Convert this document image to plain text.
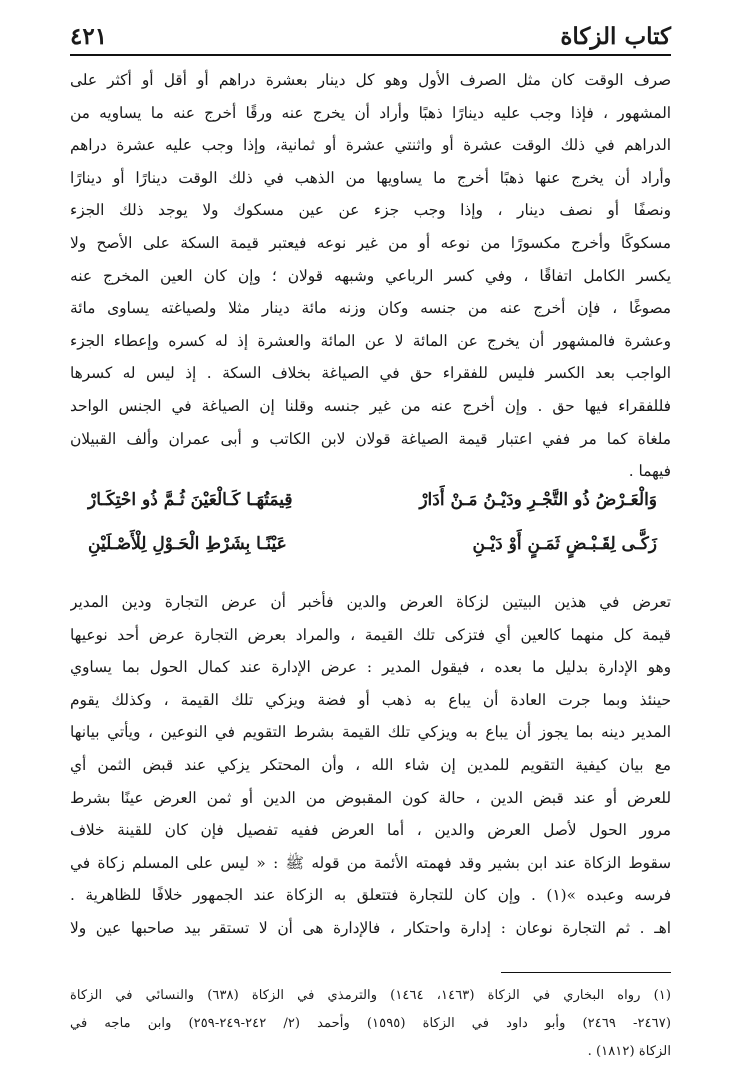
كتاب الزكاة
٤٢١
صرف الوقت كان مثل الصرف الأول وهو كل دينار بعشرة دراهم أو أقل أو أكثر على
المشهور ، فإذا وجب عليه دينارًا ذهبًا وأراد أن يخرج عنه ورقًا أخرج عنه ما يساويه من
الدراهم في ذلك الوقت عشرة أو واثنتي عشرة أو ثمانية، وإذا وجب عليه عشرة دراهم
وأراد أن يخرج عنها ذهبًا أخرج ما يساويها من الذهب في ذلك الوقت دينارًا أو دينارًا
ونصفًا أو نصف دينار ، وإذا وجب جزء عن عين مسكوك ولا يوجد ذلك الجزء
مسكوكًا وأخرج مكسورًا من نوعه أو من غير نوعه فيعتبر قيمة السكة على الأصح ولا
يكسر الكامل اتفاقًا ، وفي كسر الرباعي وشبهه قولان ؛ وإن كان العين المخرج عنه
مصوغًا ، فإن أخرج عنه من جنسه وكان وزنه مائة دينار مثلا ولصياغته يساوى مائة
وعشرة فالمشهور أن يخرج عن المائة لا عن المائة والعشرة إذ له كسره وإعطاء الجزء
الواجب بعد الكسر فليس للفقراء حق في الصياغة بخلاف السكة . إذ ليس له كسرها
فللفقراء فيها حق . وإن أخرج عنه من غير جنسه وقلنا إن الصياغة في الجنس الواحد
ملغاة كما مر ففي اعتبار قيمة الصياغة قولان لابن الكاتب و أبى عمران وألف القبيلان
فيهما .
وَالْعَـرْضُ ذُو التَّجْـرِ ودَيْـنُ مَـنْ أَدَارْ
قِيمَتُهَـا كَـالْعَيْنَ ثُـمَّ ذُو احْتِكَـارْ
زَكَّـى لِقَـبْـضٍ ثَمَـنٍ أَوْ دَيْـنِ
عَيْنًـا بِشَرْطِ الْحَـوْلِ لِلْأَصْـلَيْنِ
تعرض في هذين البيتين لزكاة العرض والدين فأخبر أن عرض التجارة ودين المدير
قيمة كل منهما كالعين أي فتزكى تلك القيمة ، والمراد بعرض التجارة عرض أحد نوعيها
وهو الإدارة بدليل ما بعده ، فيقول المدير : عرض الإدارة عند كمال الحول بما يساوي
حينئذ وبما جرت العادة أن يباع به ذهب أو فضة ويزكي تلك القيمة ، وكذلك يقوم
المدير دينه بما يجوز أن يباع به ويزكي تلك القيمة بشرط التقويم في النوعين ، ويأتي بيانها
مع بيان كيفية التقويم للمدين إن شاء الله ، وأن المحتكر يزكي عند قبض الثمن أي
للعرض أو عند قبض الدين ، حالة كون المقبوض من الدين أو ثمن العرض عينًا بشرط
مرور الحول لأصل العرض والدين ، أما العرض ففيه تفصيل فإن كان للقينة خلاف
سقوط الزكاة عند ابن بشير وقد فهمته الأئمة من قوله ﷺ : « ليس على المسلم زكاة في
فرسه وعبده »(١) . وإن كان للتجارة فتتعلق به الزكاة عند الجمهور خلافًا للظاهرية .
اهـ . ثم التجارة نوعان : إدارة واحتكار ، فالإدارة هى أن لا تستقر بيد صاحبها عين ولا
(١) رواه البخاري في الزكاة (١٤٦٣، ١٤٦٤) والترمذي في الزكاة (٦٣٨) والنسائي في الزكاة
(٢٤٦٧- ٢٤٦٩) وأبو داود في الزكاة (١٥٩٥) وأحمد (٢/ ٢٤٢-٢٤٩-٢٥٩) وابن ماجه في
الزكاة (١٨١٢) .
